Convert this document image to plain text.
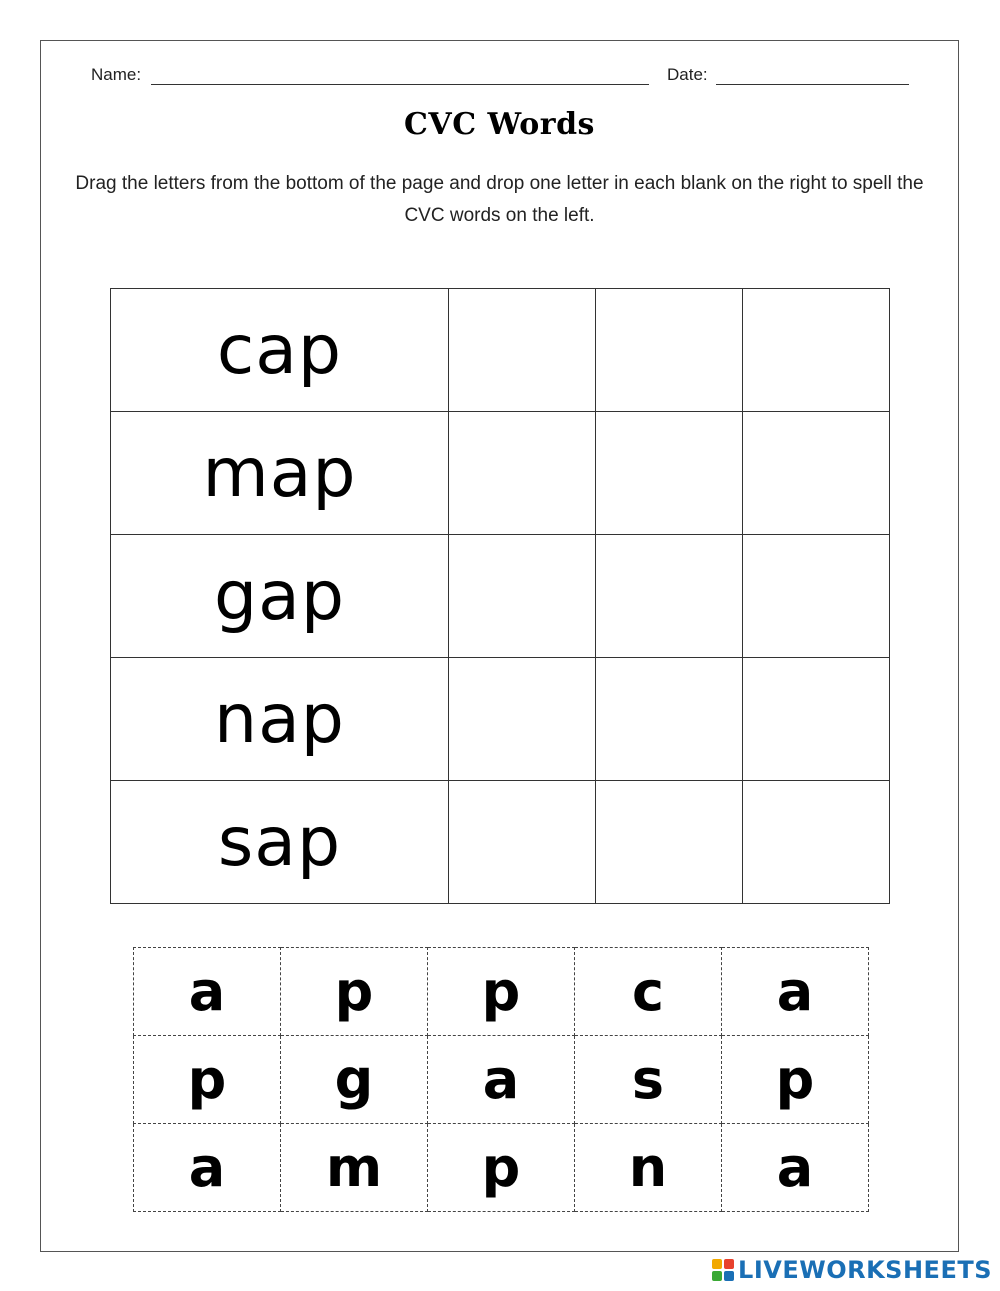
Name:	Date:
CVC Words
Drag the letters from the bottom of the page and drop one letter in each blank on the right to spell the CVC words on the left.
cap			
map			
gap			
nap			
sap			
a	p	p	c	a
p	g	a	s	p
a	m	p	n	a
LIVEWORKSHEETS
